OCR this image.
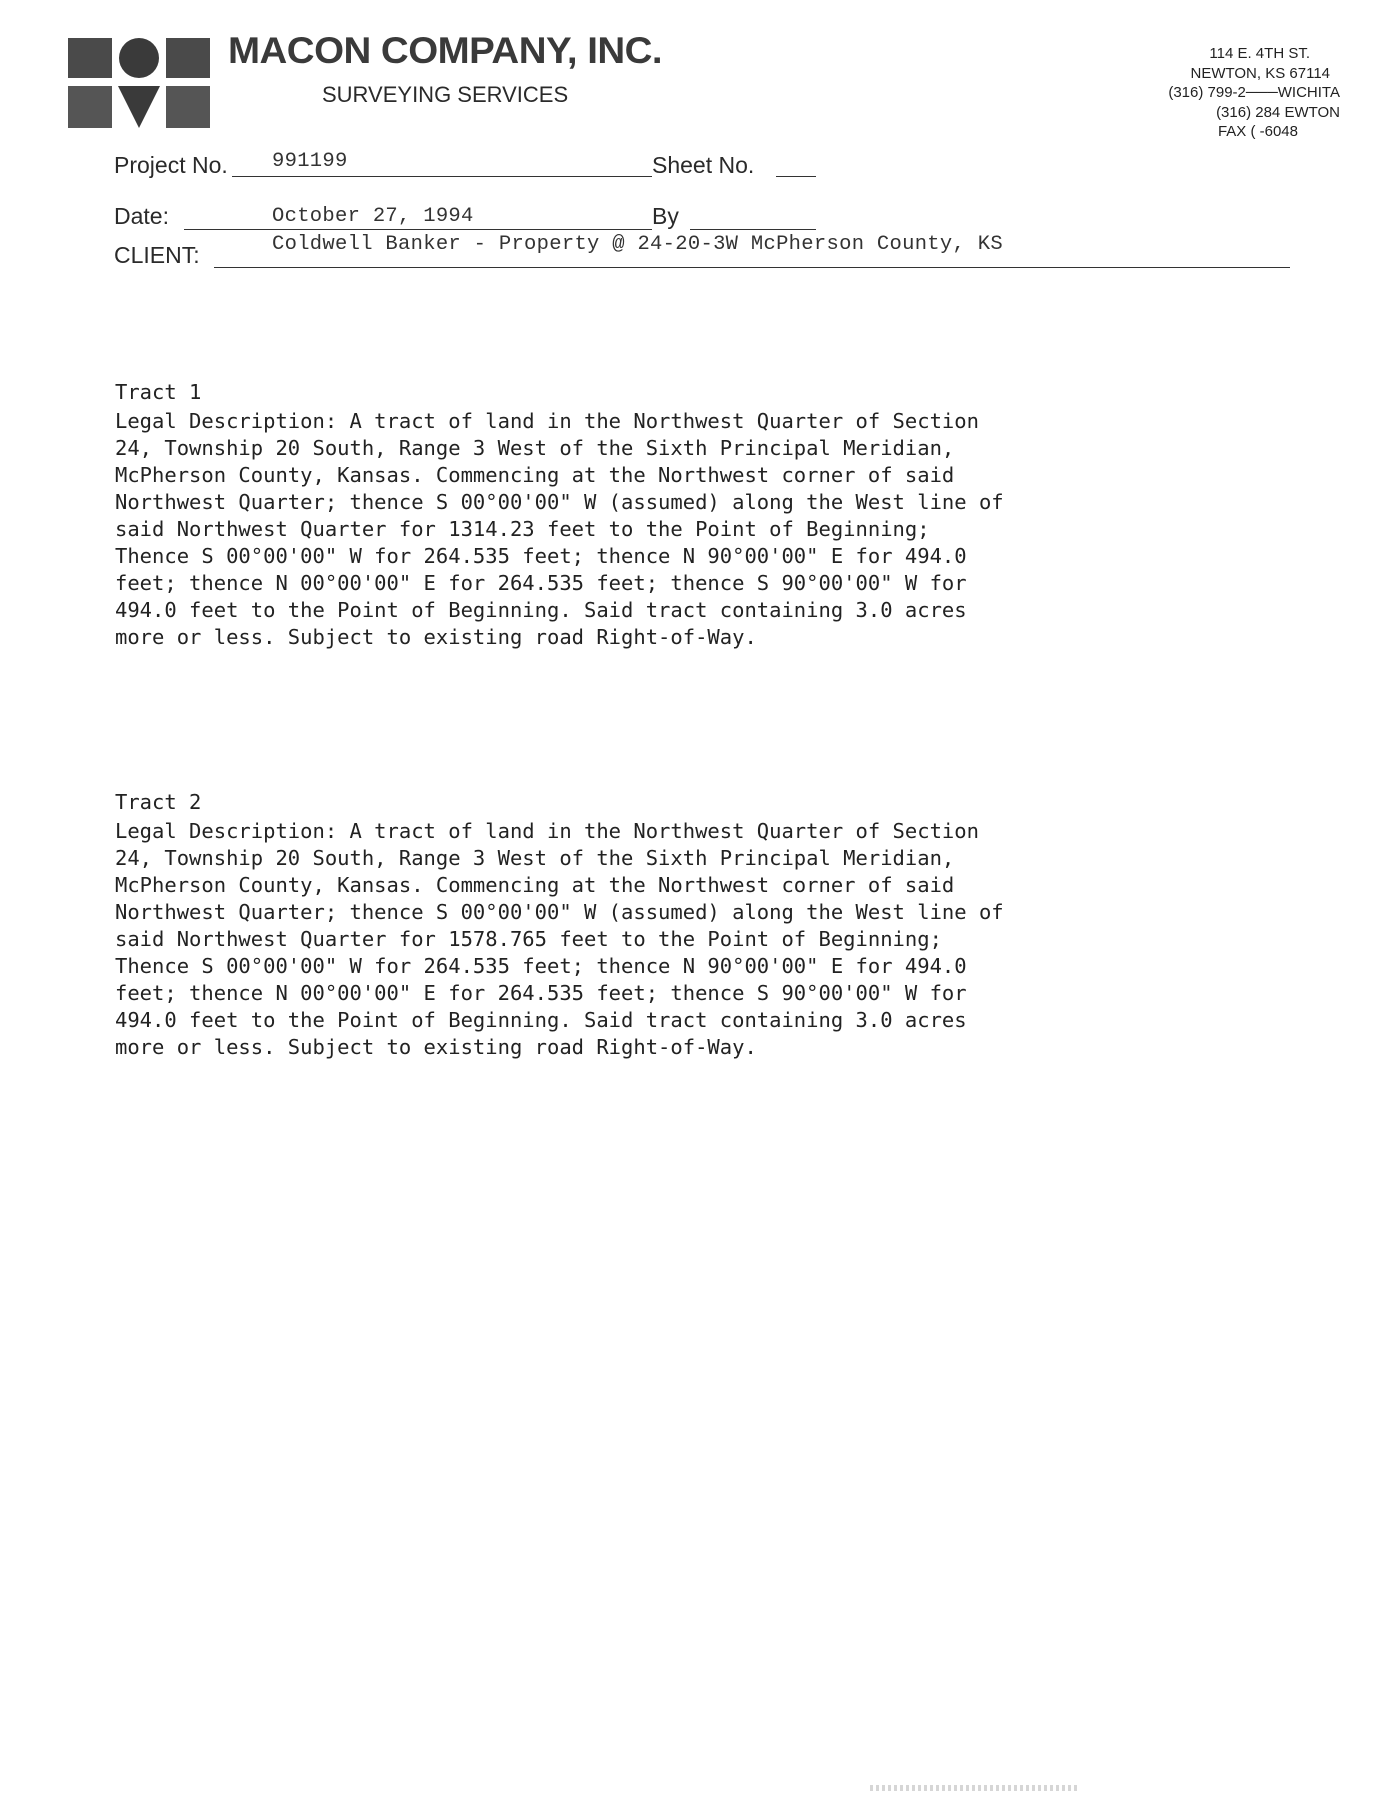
MACON COMPANY, INC.
SURVEYING SERVICES
114 E. 4TH ST.
NEWTON, KS 67114
(316) 799-2───WICHITA
(316) 284 EWTON
FAX ( -6048
Project No. 991199	Sheet No.
Date:	October 27, 1994	By
CLIENT:	Coldwell Banker - Property @ 24-20-3W McPherson County, KS
Tract 1
Legal Description: A tract of land in the Northwest Quarter of Section
24, Township 20 South, Range 3 West of the Sixth Principal Meridian,
McPherson County, Kansas. Commencing at the Northwest corner of said
Northwest Quarter; thence S 00°00'00" W (assumed) along the West line of
said Northwest Quarter for 1314.23 feet to the Point of Beginning;
Thence S 00°00'00" W for 264.535 feet; thence N 90°00'00" E for 494.0
feet; thence N 00°00'00" E for 264.535 feet; thence S 90°00'00" W for
494.0 feet to the Point of Beginning. Said tract containing 3.0 acres
more or less. Subject to existing road Right-of-Way.
Tract 2
Legal Description: A tract of land in the Northwest Quarter of Section
24, Township 20 South, Range 3 West of the Sixth Principal Meridian,
McPherson County, Kansas. Commencing at the Northwest corner of said
Northwest Quarter; thence S 00°00'00" W (assumed) along the West line of
said Northwest Quarter for 1578.765 feet to the Point of Beginning;
Thence S 00°00'00" W for 264.535 feet; thence N 90°00'00" E for 494.0
feet; thence N 00°00'00" E for 264.535 feet; thence S 90°00'00" W for
494.0 feet to the Point of Beginning. Said tract containing 3.0 acres
more or less. Subject to existing road Right-of-Way.
